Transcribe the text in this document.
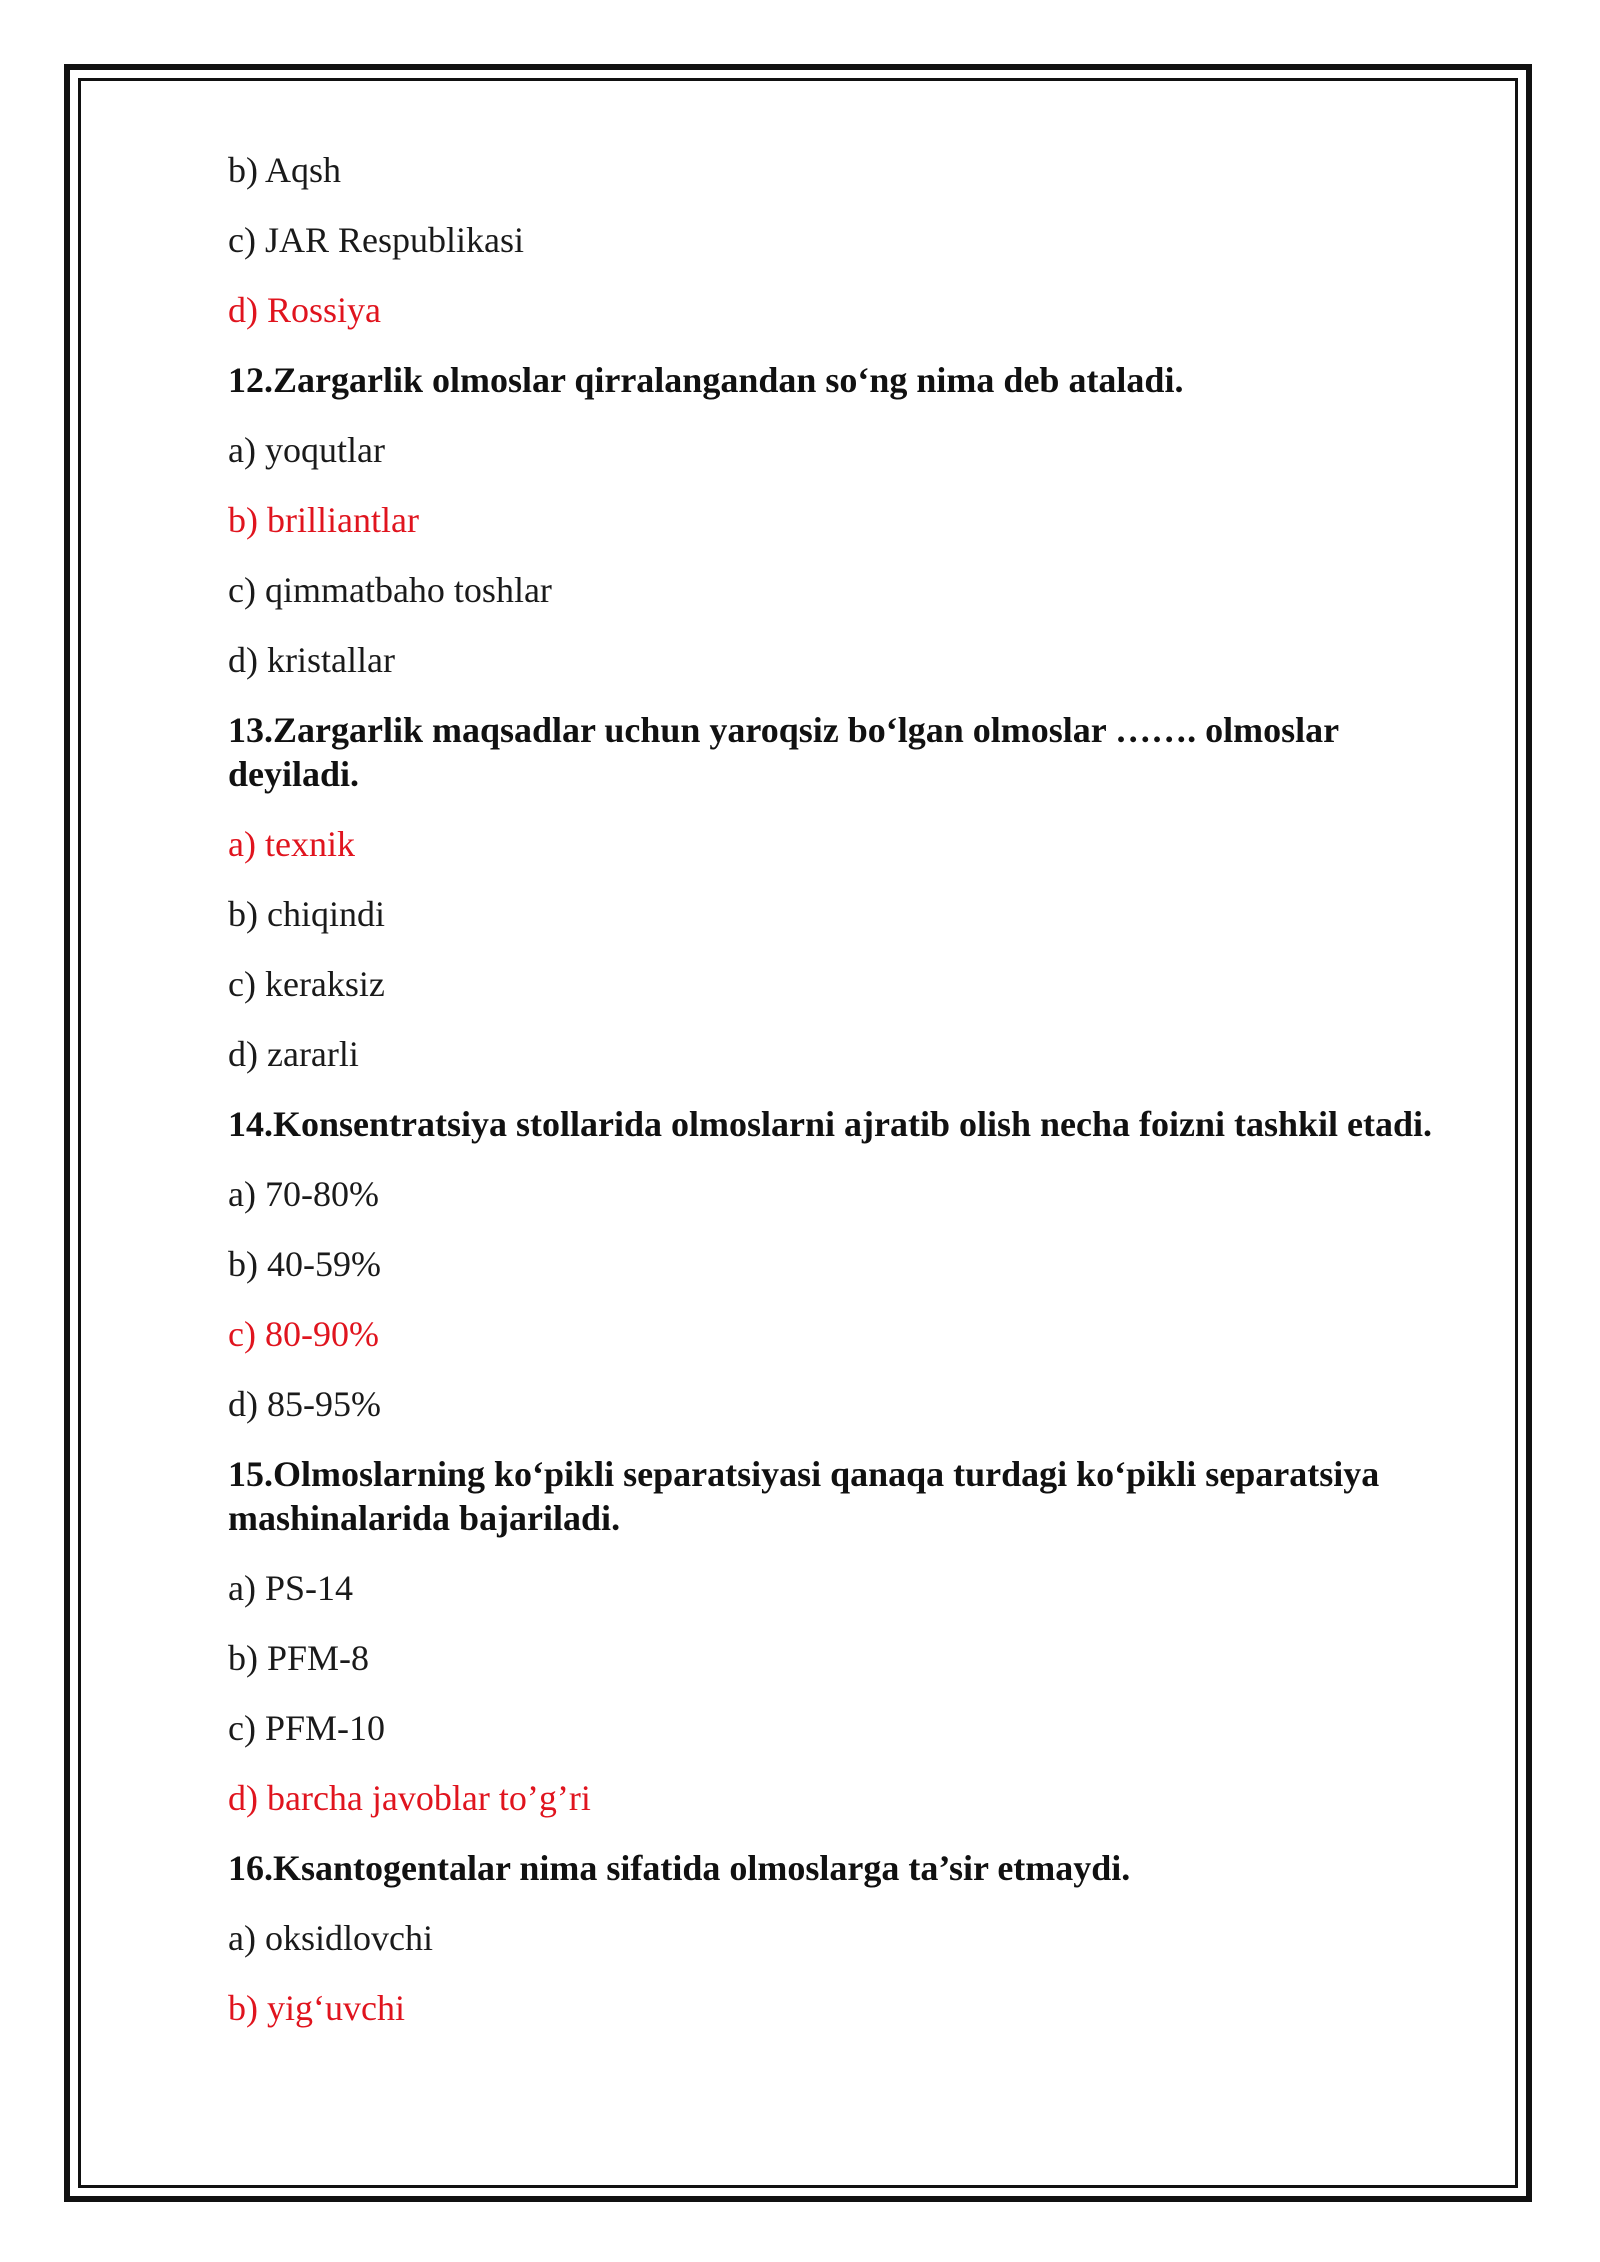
b) Aqsh
c) JAR Respublikasi
d) Rossiya
12.Zargarlik olmoslar qirralangandan so‘ng nima deb ataladi.
a) yoqutlar
b) brilliantlar
c) qimmatbaho toshlar
d) kristallar
13.Zargarlik maqsadlar uchun yaroqsiz bo‘lgan olmoslar ……. olmoslar deyiladi.
a) texnik
b) chiqindi
c) keraksiz
d) zararli
14.Konsentratsiya stollarida olmoslarni ajratib olish necha foizni tashkil etadi.
a) 70-80%
b) 40-59%
c) 80-90%
d) 85-95%
15.Olmoslarning ko‘pikli separatsiyasi qanaqa turdagi ko‘pikli separatsiya mashinalarida bajariladi.
a) PS-14
b) PFM-8
c) PFM-10
d) barcha javoblar to’g’ri
16.Ksantogentalar nima sifatida olmoslarga ta’sir etmaydi.
a) oksidlovchi
b) yig‘uvchi
